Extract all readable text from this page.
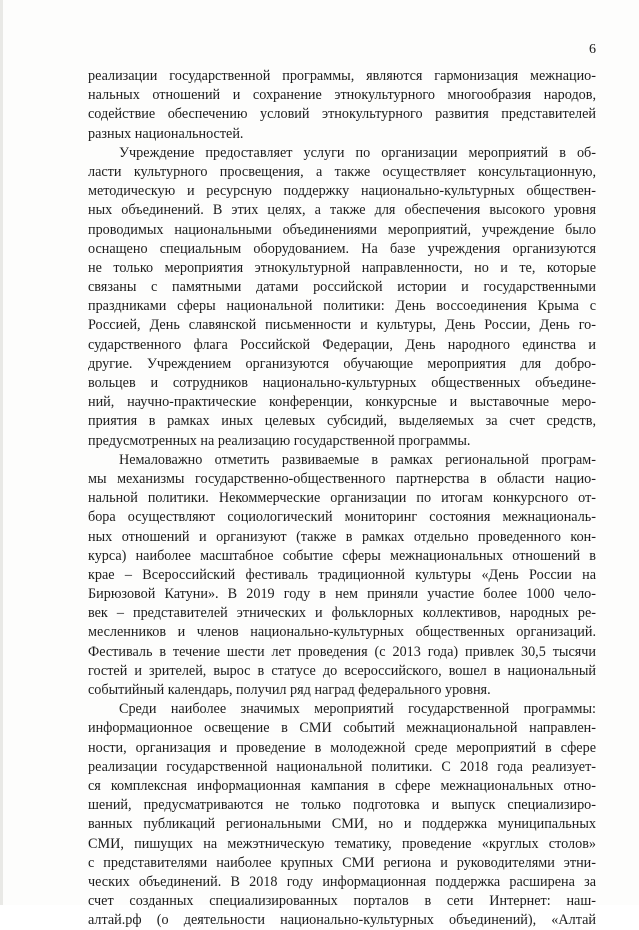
6
реализации государственной программы, являются гармонизация межнацио-
нальных отношений и сохранение этнокультурного многообразия народов,
содействие обеспечению условий этнокультурного развития представителей
разных национальностей.
Учреждение предоставляет услуги по организации мероприятий в об-
ласти культурного просвещения, а также осуществляет консультационную,
методическую и ресурсную поддержку национально-культурных обществен-
ных объединений. В этих целях, а также для обеспечения высокого уровня
проводимых национальными объединениями мероприятий, учреждение было
оснащено специальным оборудованием. На базе учреждения организуются
не только мероприятия этнокультурной направленности, но и те, которые
связаны с памятными датами российской истории и государственными
праздниками сферы национальной политики: День воссоединения Крыма с
Россией, День славянской письменности и культуры, День России, День го-
сударственного флага Российской Федерации, День народного единства и
другие. Учреждением организуются обучающие мероприятия для добро-
вольцев и сотрудников национально-культурных общественных объедине-
ний, научно-практические конференции, конкурсные и выставочные меро-
приятия в рамках иных целевых субсидий, выделяемых за счет средств,
предусмотренных на реализацию государственной программы.
Немаловажно отметить развиваемые в рамках региональной програм-
мы механизмы государственно-общественного партнерства в области нацио-
нальной политики. Некоммерческие организации по итогам конкурсного от-
бора осуществляют социологический мониторинг состояния межнациональ-
ных отношений и организуют (также в рамках отдельно проведенного кон-
курса) наиболее масштабное событие сферы межнациональных отношений в
крае – Всероссийский фестиваль традиционной культуры «День России на
Бирюзовой Катуни». В 2019 году в нем приняли участие более 1000 чело-
век – представителей этнических и фольклорных коллективов, народных ре-
месленников и членов национально-культурных общественных организаций.
Фестиваль в течение шести лет проведения (с 2013 года) привлек 30,5 тысячи
гостей и зрителей, вырос в статусе до всероссийского, вошел в национальный
событийный календарь, получил ряд наград федерального уровня.
Среди наиболее значимых мероприятий государственной программы:
информационное освещение в СМИ событий межнациональной направлен-
ности, организация и проведение в молодежной среде мероприятий в сфере
реализации государственной национальной политики. С 2018 года реализует-
ся комплексная информационная кампания в сфере межнациональных отно-
шений, предусматриваются не только подготовка и выпуск специализиро-
ванных публикаций региональными СМИ, но и поддержка муниципальных
СМИ, пишущих на межэтническую тематику, проведение «круглых столов»
с представителями наиболее крупных СМИ региона и руководителями этни-
ческих объединений. В 2018 году информационная поддержка расширена за
счет созданных специализированных порталов в сети Интернет: наш-
алтай.рф (о деятельности национально-культурных объединений), «Алтай
